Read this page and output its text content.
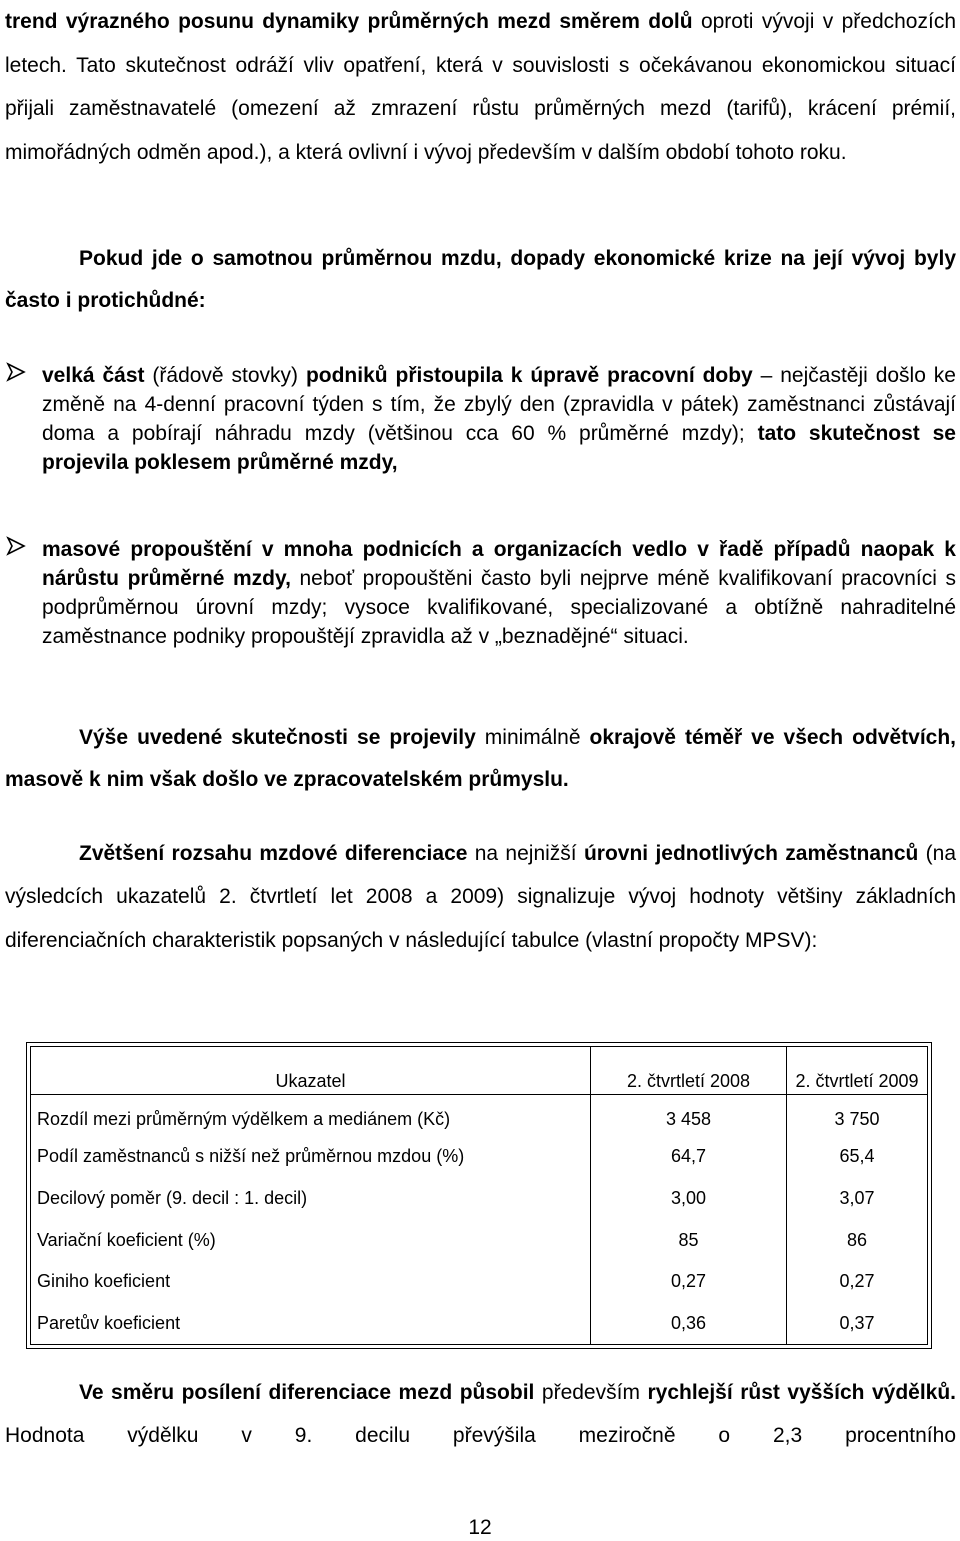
trend výrazného posunu dynamiky průměrných mezd směrem dolů oproti vývoji v předchozích letech. Tato skutečnost odráží vliv opatření, která v souvislosti s očekávanou ekonomickou situací přijali zaměstnavatelé (omezení až zmrazení růstu průměrných mezd (tarifů), krácení prémií, mimořádných odměn apod.), a která ovlivní i vývoj především v dalším období tohoto roku.

Pokud jde o samotnou průměrnou mzdu, dopady ekonomické krize na její vývoj byly často i protichůdné:

velká část (řádově stovky) podniků přistoupila k úpravě pracovní doby – nejčastěji došlo ke změně na 4-denní pracovní týden s tím, že zbylý den (zpravidla v pátek) zaměstnanci zůstávají doma a pobírají náhradu mzdy (většinou cca 60 % průměrné mzdy); tato skutečnost se projevila poklesem průměrné mzdy,

masové propouštění v mnoha podnicích a organizacích vedlo v řadě případů naopak k nárůstu průměrné mzdy, neboť propouštěni často byli nejprve méně kvalifikovaní pracovníci s podprůměrnou úrovní mzdy; vysoce kvalifikované, specializované a obtížně nahraditelné zaměstnance podniky propouštějí zpravidla až v „beznadějné“ situaci.

Výše uvedené skutečnosti se projevily minimálně okrajově téměř ve všech odvětvích, masově k nim však došlo ve zpracovatelském průmyslu.

Zvětšení rozsahu mzdové diferenciace na nejnižší úrovni jednotlivých zaměstnanců (na výsledcích ukazatelů 2. čtvrtletí let 2008 a 2009) signalizuje vývoj hodnoty většiny základních diferenciačních charakteristik popsaných v následující tabulce (vlastní propočty MPSV):

Ukazatel	2. čtvrtletí 2008	2. čtvrtletí 2009
Rozdíl mezi průměrným výdělkem a mediánem (Kč)	3 458	3 750
Podíl zaměstnanců s nižší než průměrnou mzdou (%)	64,7	65,4
Decilový poměr (9. decil : 1. decil)	3,00	3,07
Variační koeficient (%)	85	86
Giniho koeficient	0,27	0,27
Paretův koeficient	0,36	0,37

Ve směru posílení diferenciace mezd působil především rychlejší růst vyšších výdělků. Hodnota výdělku v 9. decilu převýšila meziročně o 2,3 procentního

12
